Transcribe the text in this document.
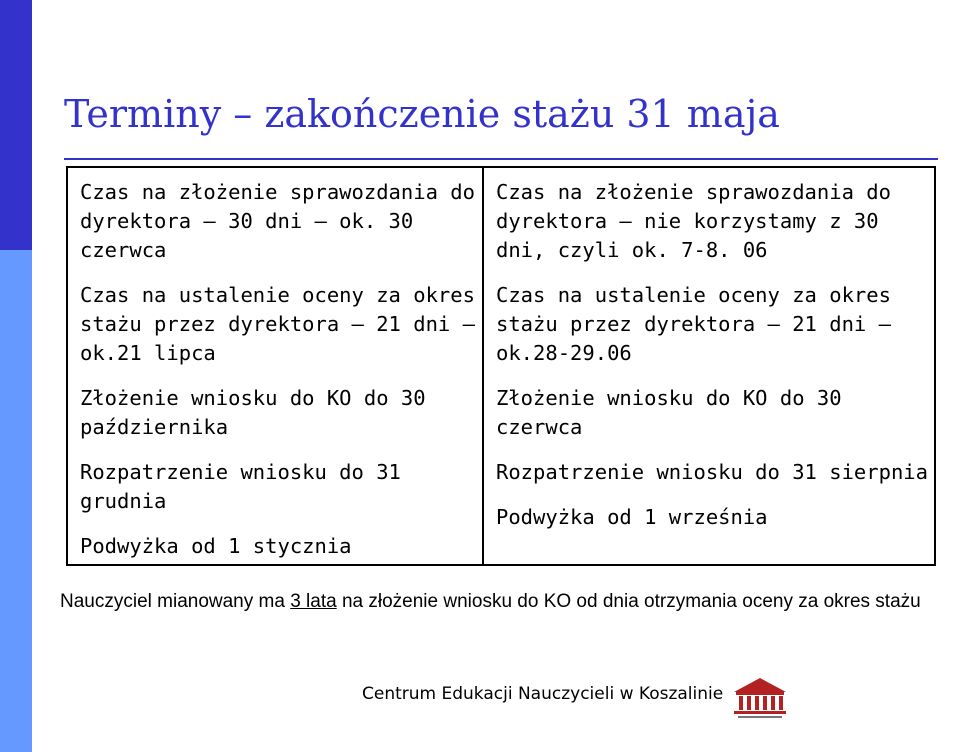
Terminy – zakończenie stażu 31 maja

Czas na złożenie sprawozdania do dyrektora – 30 dni – ok. 30 czerwca

Czas na ustalenie oceny za okres stażu przez dyrektora – 21 dni –ok.21 lipca

Złożenie wniosku do KO do 30 października

Rozpatrzenie wniosku do 31 grudnia

Podwyżka od 1 stycznia

Czas na złożenie sprawozdania do dyrektora – nie korzystamy z 30 dni, czyli ok. 7-8. 06

Czas na ustalenie oceny za okres stażu przez dyrektora – 21 dni – ok.28-29.06

Złożenie wniosku do KO do 30 czerwca

Rozpatrzenie wniosku do 31 sierpnia

Podwyżka od 1 września

Nauczyciel mianowany ma 3 lata na złożenie wniosku do KO od dnia otrzymania oceny za okres stażu

Centrum Edukacji Nauczycieli w Koszalinie
